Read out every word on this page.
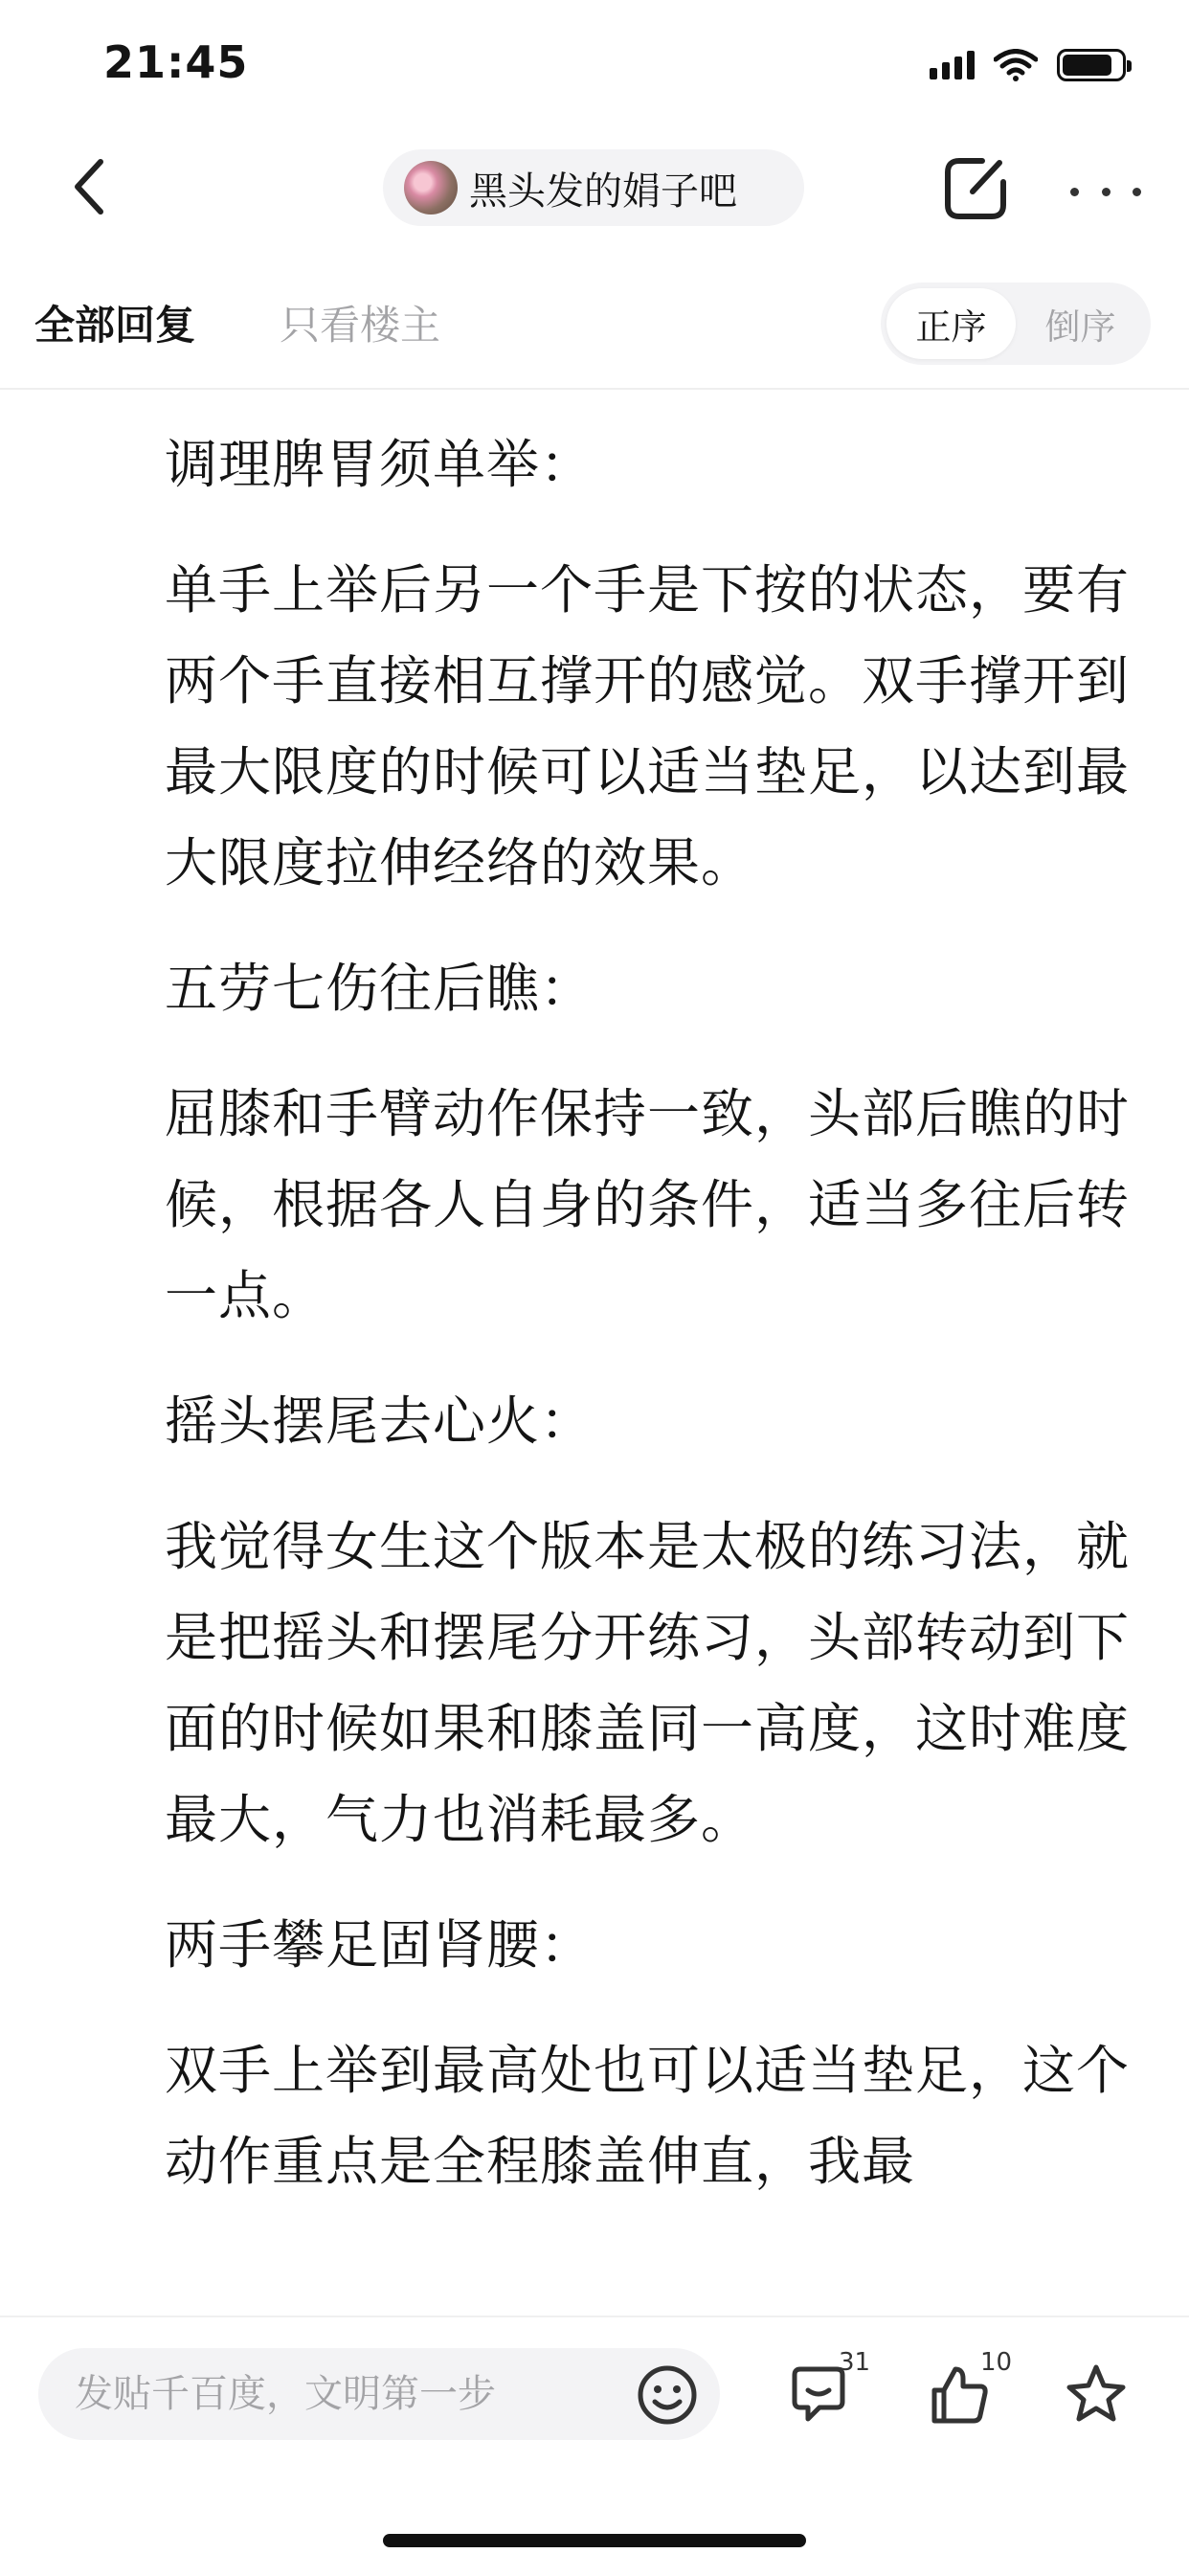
21:45
黑头发的娟子吧
全部回复 只看楼主	正序	倒序

调理脾胃须单举：

单手上举后另一个手是下按的状态，要有两个手直接相互撑开的感觉。双手撑开到最大限度的时候可以适当垫足，以达到最大限度拉伸经络的效果。

五劳七伤往后瞧：

屈膝和手臂动作保持一致，头部后瞧的时候，根据各人自身的条件，适当多往后转一点。

摇头摆尾去心火：

我觉得女生这个版本是太极的练习法，就是把摇头和摆尾分开练习，头部转动到下面的时候如果和膝盖同一高度，这时难度最大，气力也消耗最多。

两手攀足固肾腰：

双手上举到最高处也可以适当垫足，这个动作重点是全程膝盖伸直，我最

发贴千百度，文明第一步
31	10
